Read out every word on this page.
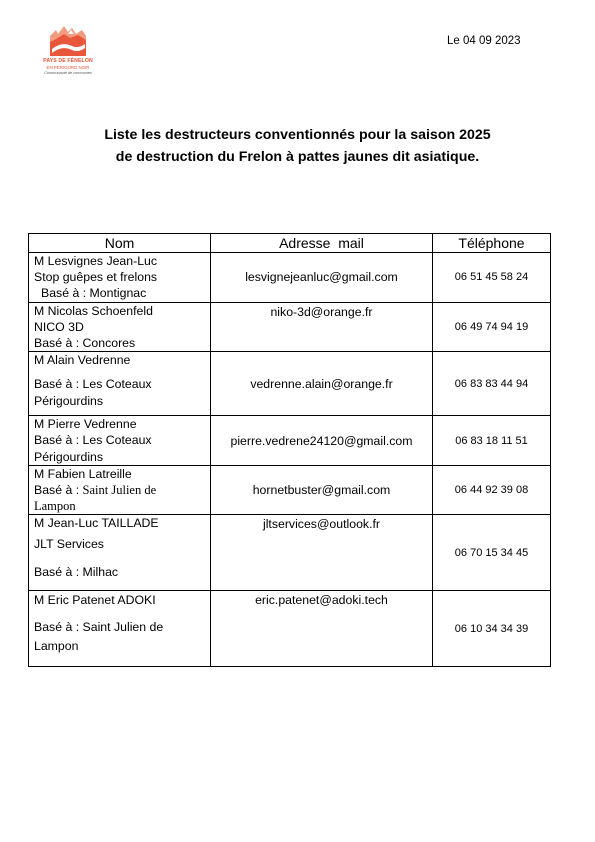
PAYS DE FÉNELON
EN PÉRIGORD NOIR
Communauté de communes
Le 04 09 2023
Liste les destructeurs conventionnés pour la saison 2025
de destruction du Frelon à pattes jaunes dit asiatique.
Nom	Adresse  mail	Téléphone

M Lesvignes Jean-Luc
Stop guêpes et frelons
Basé à : Montignac	lesvignejeanluc@gmail.com	06 51 45 58 24

M Nicolas Schoenfeld
NICO 3D
Basé à : Concores	niko-3d@orange.fr	06 49 74 94 19

M Alain Vedrenne
Basé à : Les Coteaux
Périgourdins	vedrenne.alain@orange.fr	06 83 83 44 94

M Pierre Vedrenne
Basé à : Les Coteaux
Périgourdins	pierre.vedrene24120@gmail.com	06 83 18 11 51

M Fabien Latreille
Basé à : Saint Julien de
Lampon	hornetbuster@gmail.com	06 44 92 39 08

M Jean-Luc TAILLADE
JLT Services
Basé à : Milhac	jltservices@outlook.fr	06 70 15 34 45

M Eric Patenet ADOKI
Basé à : Saint Julien de
Lampon	eric.patenet@adoki.tech	06 10 34 34 39
